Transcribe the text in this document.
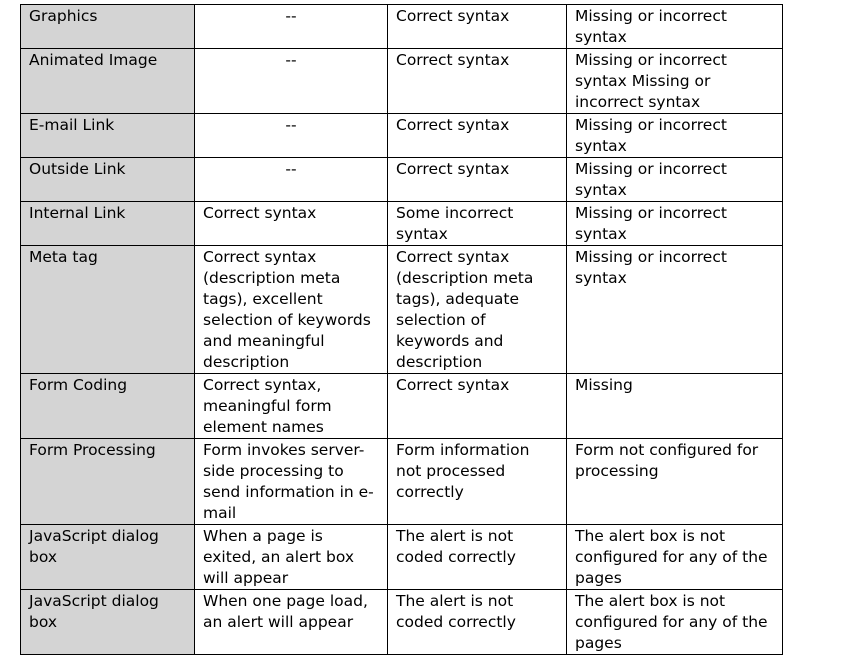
Graphics	--	Correct syntax	Missing or incorrect syntax
Animated Image	--	Correct syntax	Missing or incorrect syntax Missing or incorrect syntax
E-mail Link	--	Correct syntax	Missing or incorrect syntax
Outside Link	--	Correct syntax	Missing or incorrect syntax
Internal Link	Correct syntax	Some incorrect syntax	Missing or incorrect syntax
Meta tag	Correct syntax (description meta tags), excellent selection of keywords and meaningful description	Correct syntax (description meta tags), adequate selection of keywords and description	Missing or incorrect syntax
Form Coding	Correct syntax, meaningful form element names	Correct syntax	Missing
Form Processing	Form invokes server-side processing to send information in e-mail	Form information not processed correctly	Form not configured for processing
JavaScript dialog box	When a page is exited, an alert box will appear	The alert is not coded correctly	The alert box is not configured for any of the pages
JavaScript dialog box	When one page load, an alert will appear	The alert is not coded correctly	The alert box is not configured for any of the pages
